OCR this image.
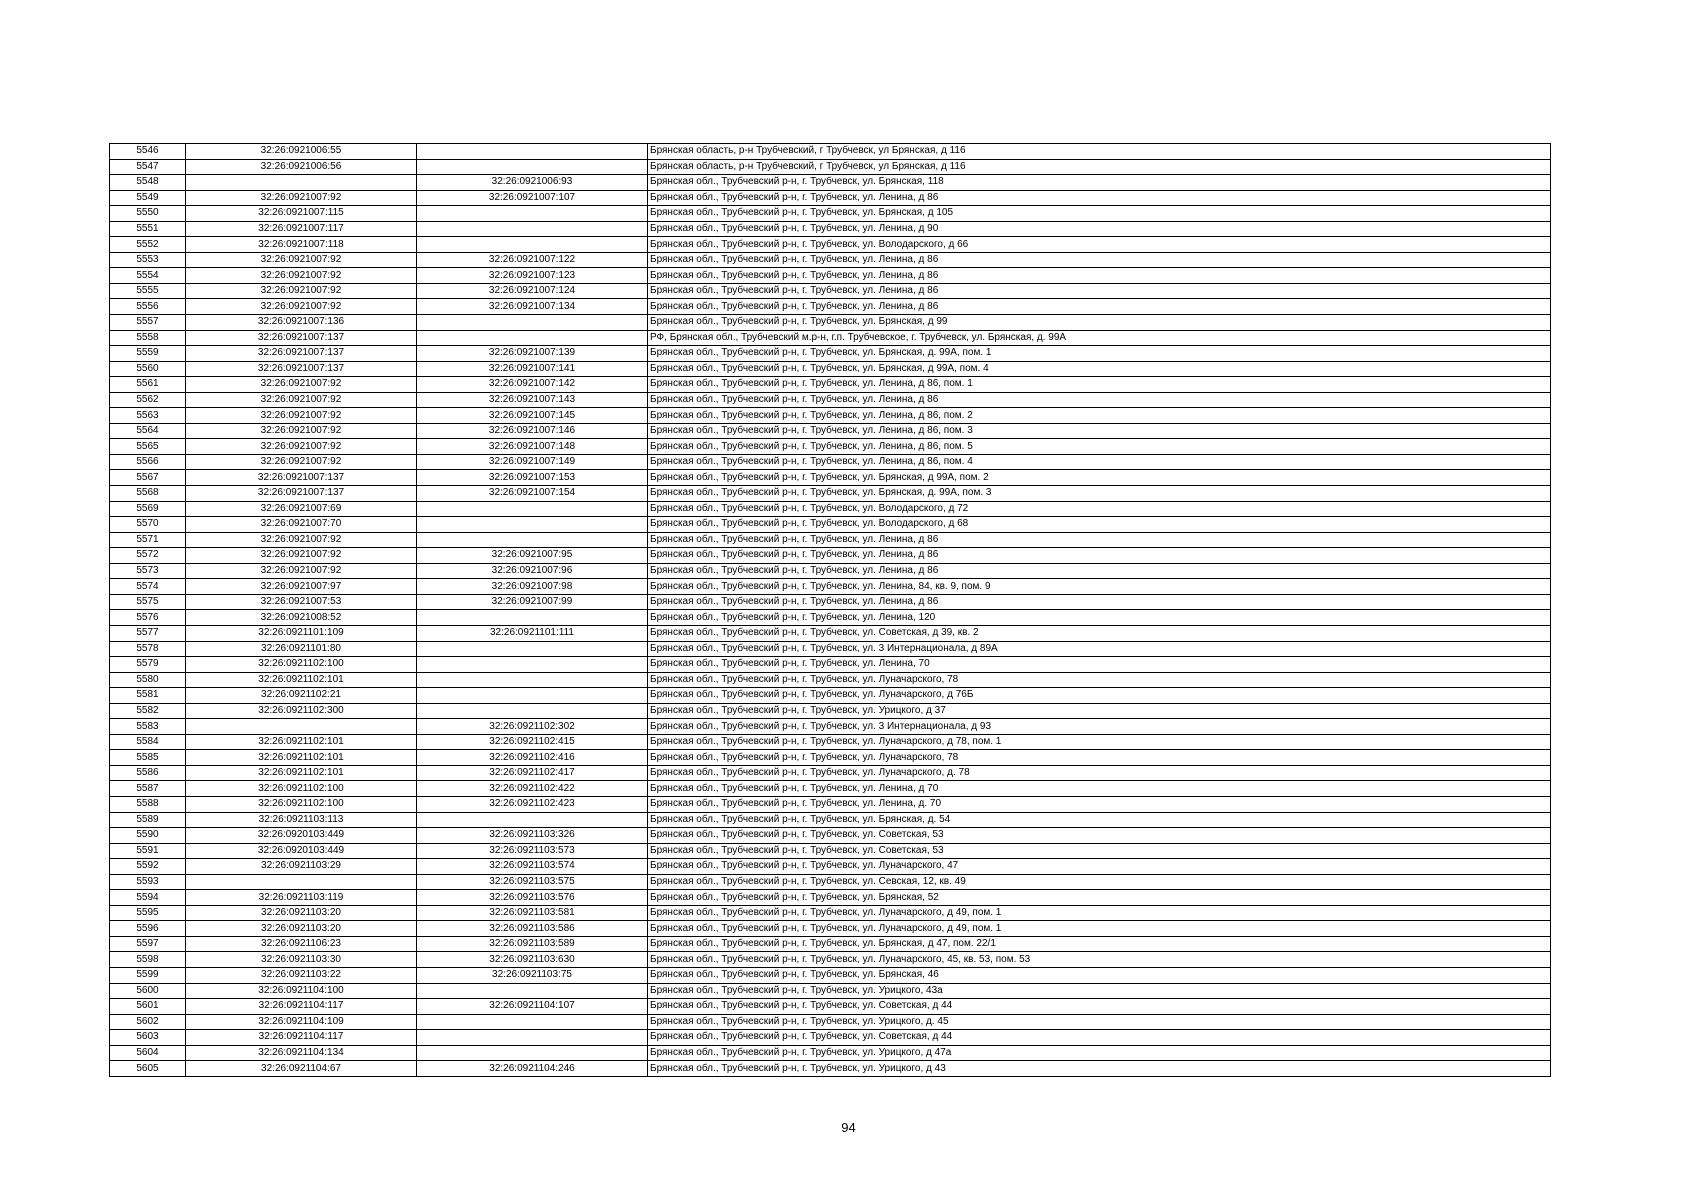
5546	32:26:0921006:55		Брянская область, р-н Трубчевский, г Трубчевск, ул Брянская, д 116
5547	32:26:0921006:56		Брянская область, р-н Трубчевский, г Трубчевск, ул Брянская, д 116
5548		32:26:0921006:93	Брянская обл., Трубчевский р-н, г. Трубчевск, ул. Брянская, 118
5549	32:26:0921007:92	32:26:0921007:107	Брянская обл., Трубчевский р-н, г. Трубчевск, ул. Ленина, д 86
5550	32:26:0921007:115		Брянская обл., Трубчевский р-н, г. Трубчевск, ул. Брянская, д 105
5551	32:26:0921007:117		Брянская обл., Трубчевский р-н, г. Трубчевск, ул. Ленина, д 90
5552	32:26:0921007:118		Брянская обл., Трубчевский р-н, г. Трубчевск, ул. Володарского, д 66
5553	32:26:0921007:92	32:26:0921007:122	Брянская обл., Трубчевский р-н, г. Трубчевск, ул. Ленина, д 86
5554	32:26:0921007:92	32:26:0921007:123	Брянская обл., Трубчевский р-н, г. Трубчевск, ул. Ленина, д 86
5555	32:26:0921007:92	32:26:0921007:124	Брянская обл., Трубчевский р-н, г. Трубчевск, ул. Ленина, д 86
5556	32:26:0921007:92	32:26:0921007:134	Брянская обл., Трубчевский р-н, г. Трубчевск, ул. Ленина, д 86
5557	32:26:0921007:136		Брянская обл., Трубчевский р-н, г. Трубчевск, ул. Брянская, д 99
5558	32:26:0921007:137		РФ, Брянская обл., Трубчевский м.р-н, г.п. Трубчевское, г. Трубчевск, ул. Брянская, д. 99А
5559	32:26:0921007:137	32:26:0921007:139	Брянская обл., Трубчевский р-н, г. Трубчевск, ул. Брянская, д. 99А, пом. 1
5560	32:26:0921007:137	32:26:0921007:141	Брянская обл., Трубчевский р-н, г. Трубчевск, ул. Брянская, д 99А, пом. 4
5561	32:26:0921007:92	32:26:0921007:142	Брянская обл., Трубчевский р-н, г. Трубчевск, ул. Ленина, д 86, пом. 1
5562	32:26:0921007:92	32:26:0921007:143	Брянская обл., Трубчевский р-н, г. Трубчевск, ул. Ленина, д 86
5563	32:26:0921007:92	32:26:0921007:145	Брянская обл., Трубчевский р-н, г. Трубчевск, ул. Ленина, д 86, пом. 2
5564	32:26:0921007:92	32:26:0921007:146	Брянская обл., Трубчевский р-н, г. Трубчевск, ул. Ленина, д 86, пом. 3
5565	32:26:0921007:92	32:26:0921007:148	Брянская обл., Трубчевский р-н, г. Трубчевск, ул. Ленина, д 86, пом. 5
5566	32:26:0921007:92	32:26:0921007:149	Брянская обл., Трубчевский р-н, г. Трубчевск, ул. Ленина, д 86, пом. 4
5567	32:26:0921007:137	32:26:0921007:153	Брянская обл., Трубчевский р-н, г. Трубчевск, ул. Брянская, д 99А, пом. 2
5568	32:26:0921007:137	32:26:0921007:154	Брянская обл., Трубчевский р-н, г. Трубчевск, ул. Брянская, д. 99А, пом. 3
5569	32:26:0921007:69		Брянская обл., Трубчевский р-н, г. Трубчевск, ул. Володарского, д 72
5570	32:26:0921007:70		Брянская обл., Трубчевский р-н, г. Трубчевск, ул. Володарского, д 68
5571	32:26:0921007:92		Брянская обл., Трубчевский р-н, г. Трубчевск, ул. Ленина, д 86
5572	32:26:0921007:92	32:26:0921007:95	Брянская обл., Трубчевский р-н, г. Трубчевск, ул. Ленина, д 86
5573	32:26:0921007:92	32:26:0921007:96	Брянская обл., Трубчевский р-н, г. Трубчевск, ул. Ленина, д 86
5574	32:26:0921007:97	32:26:0921007:98	Брянская обл., Трубчевский р-н, г. Трубчевск, ул. Ленина, 84, кв. 9, пом. 9
5575	32:26:0921007:53	32:26:0921007:99	Брянская обл., Трубчевский р-н, г. Трубчевск, ул. Ленина, д 86
5576	32:26:0921008:52		Брянская обл., Трубчевский р-н, г. Трубчевск, ул. Ленина, 120
5577	32:26:0921101:109	32:26:0921101:111	Брянская обл., Трубчевский р-н, г. Трубчевск, ул. Советская, д 39, кв. 2
5578	32:26:0921101:80		Брянская обл., Трубчевский р-н, г. Трубчевск, ул. 3 Интернационала, д 89А
5579	32:26:0921102:100		Брянская обл., Трубчевский р-н, г. Трубчевск, ул. Ленина, 70
5580	32:26:0921102:101		Брянская обл., Трубчевский р-н, г. Трубчевск, ул. Луначарского, 78
5581	32:26:0921102:21		Брянская обл., Трубчевский р-н, г. Трубчевск, ул. Луначарского, д 76Б
5582	32:26:0921102:300		Брянская обл., Трубчевский р-н, г. Трубчевск, ул. Урицкого, д 37
5583		32:26:0921102:302	Брянская обл., Трубчевский р-н, г. Трубчевск, ул. 3 Интернационала, д 93
5584	32:26:0921102:101	32:26:0921102:415	Брянская обл., Трубчевский р-н, г. Трубчевск, ул. Луначарского, д 78, пом. 1
5585	32:26:0921102:101	32:26:0921102:416	Брянская обл., Трубчевский р-н, г. Трубчевск, ул. Луначарского, 78
5586	32:26:0921102:101	32:26:0921102:417	Брянская обл., Трубчевский р-н, г. Трубчевск, ул. Луначарского, д. 78
5587	32:26:0921102:100	32:26:0921102:422	Брянская обл., Трубчевский р-н, г. Трубчевск, ул. Ленина, д 70
5588	32:26:0921102:100	32:26:0921102:423	Брянская обл., Трубчевский р-н, г. Трубчевск, ул. Ленина, д. 70
5589	32:26:0921103:113		Брянская обл., Трубчевский р-н, г. Трубчевск, ул. Брянская, д. 54
5590	32:26:0920103:449	32:26:0921103:326	Брянская обл., Трубчевский р-н, г. Трубчевск, ул. Советская, 53
5591	32:26:0920103:449	32:26:0921103:573	Брянская обл., Трубчевский р-н, г. Трубчевск, ул. Советская, 53
5592	32:26:0921103:29	32:26:0921103:574	Брянская обл., Трубчевский р-н, г. Трубчевск, ул. Луначарского, 47
5593		32:26:0921103:575	Брянская обл., Трубчевский р-н, г. Трубчевск, ул. Севская, 12, кв. 49
5594	32:26:0921103:119	32:26:0921103:576	Брянская обл., Трубчевский р-н, г. Трубчевск, ул. Брянская, 52
5595	32:26:0921103:20	32:26:0921103:581	Брянская обл., Трубчевский р-н, г. Трубчевск, ул. Луначарского, д 49, пом. 1
5596	32:26:0921103:20	32:26:0921103:586	Брянская обл., Трубчевский р-н, г. Трубчевск, ул. Луначарского, д 49, пом. 1
5597	32:26:0921106:23	32:26:0921103:589	Брянская обл., Трубчевский р-н, г. Трубчевск, ул. Брянская, д 47, пом. 22/1
5598	32:26:0921103:30	32:26:0921103:630	Брянская обл., Трубчевский р-н, г. Трубчевск, ул. Луначарского, 45, кв. 53, пом. 53
5599	32:26:0921103:22	32:26:0921103:75	Брянская обл., Трубчевский р-н, г. Трубчевск, ул. Брянская, 46
5600	32:26:0921104:100		Брянская обл., Трубчевский р-н, г. Трубчевск, ул. Урицкого, 43а
5601	32:26:0921104:117	32:26:0921104:107	Брянская обл., Трубчевский р-н, г. Трубчевск, ул. Советская, д 44
5602	32:26:0921104:109		Брянская обл., Трубчевский р-н, г. Трубчевск, ул. Урицкого, д. 45
5603	32:26:0921104:117		Брянская обл., Трубчевский р-н, г. Трубчевск, ул. Советская, д 44
5604	32:26:0921104:134		Брянская обл., Трубчевский р-н, г. Трубчевск, ул. Урицкого, д 47а
5605	32:26:0921104:67	32:26:0921104:246	Брянская обл., Трубчевский р-н, г. Трубчевск, ул. Урицкого, д 43
94
